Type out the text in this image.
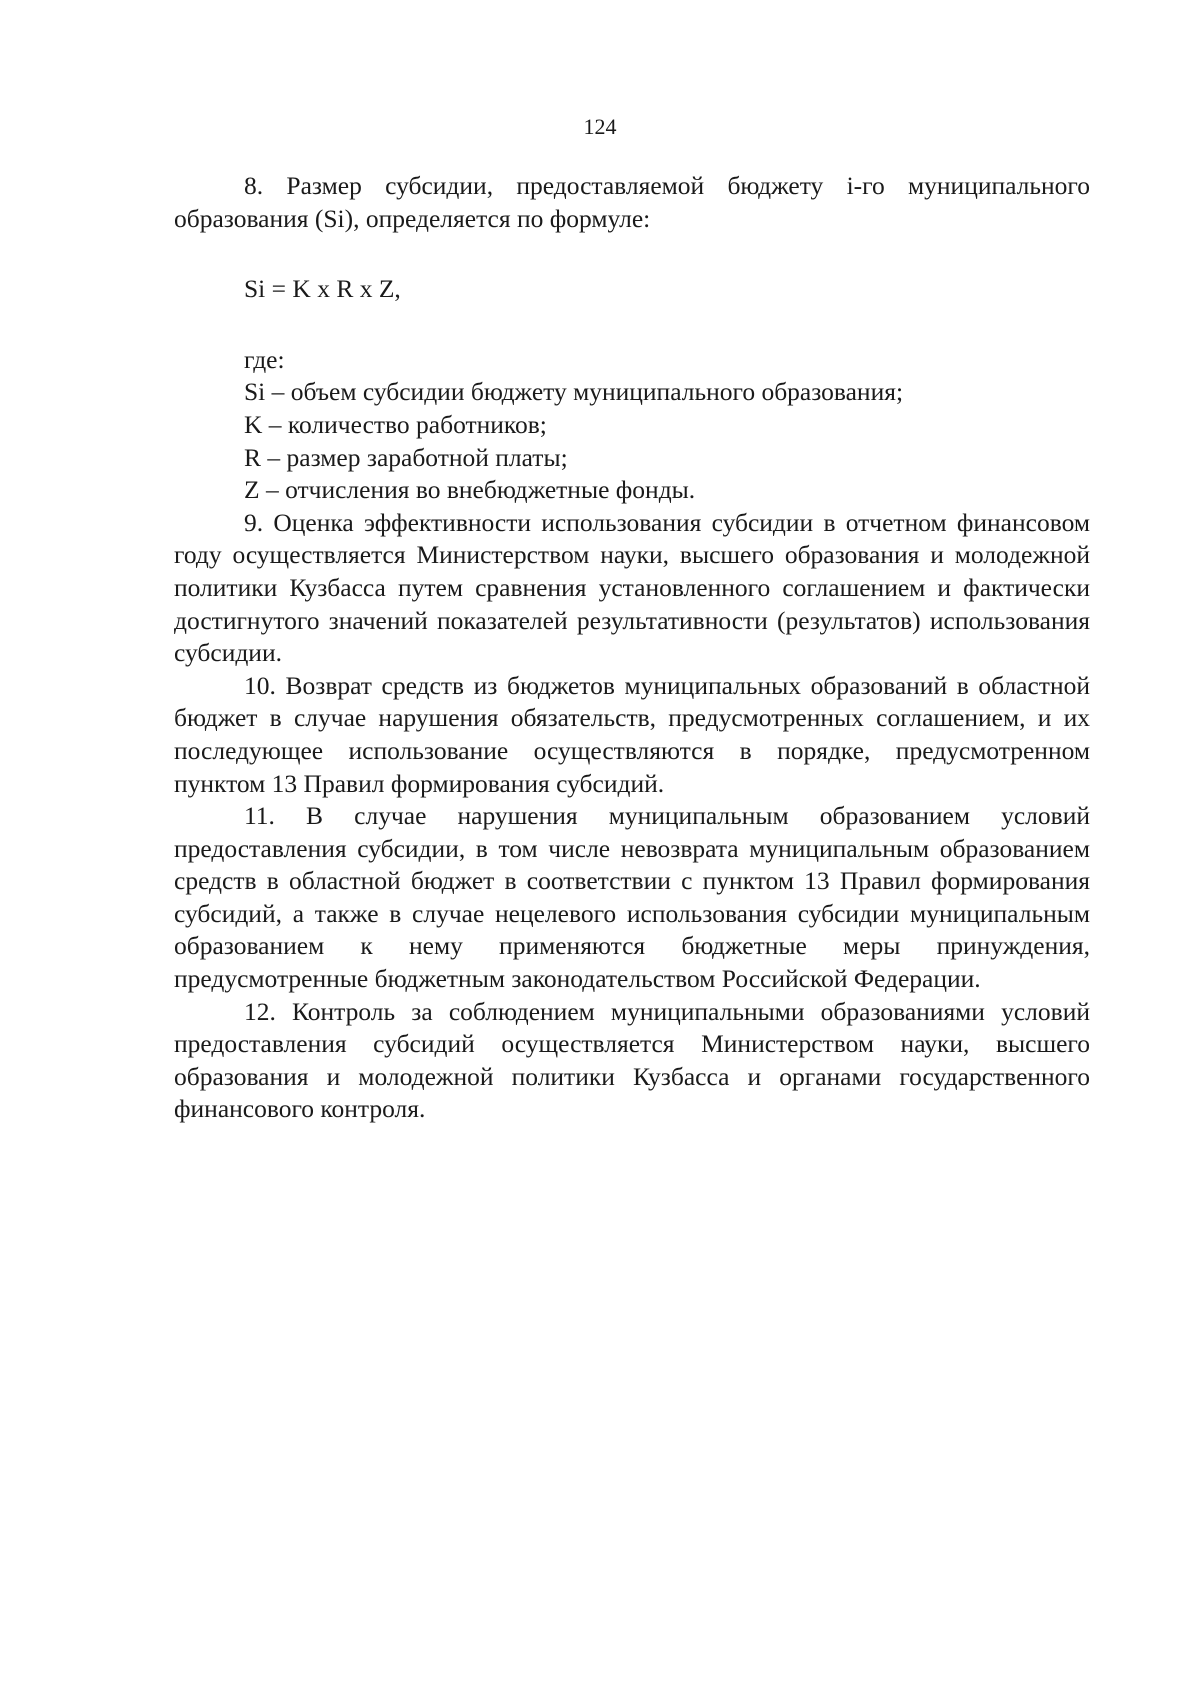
124

8. Размер субсидии, предоставляемой бюджету i-го муниципального образования (Si), определяется по формуле:

Si = K x R x Z,

где:
Si – объем субсидии бюджету муниципального образования;
K – количество работников;
R – размер заработной платы;
Z – отчисления во внебюджетные фонды.

9. Оценка эффективности использования субсидии в отчетном финансовом году осуществляется Министерством науки, высшего образования и молодежной политики Кузбасса путем сравнения установленного соглашением и фактически достигнутого значений показателей результативности (результатов) использования субсидии.

10. Возврат средств из бюджетов муниципальных образований в областной бюджет в случае нарушения обязательств, предусмотренных соглашением, и их последующее использование осуществляются в порядке, предусмотренном пунктом 13 Правил формирования субсидий.

11. В случае нарушения муниципальным образованием условий предоставления субсидии, в том числе невозврата муниципальным образованием средств в областной бюджет в соответствии с пунктом 13 Правил формирования субсидий, а также в случае нецелевого использования субсидии муниципальным образованием к нему применяются бюджетные меры принуждения, предусмотренные бюджетным законодательством Российской Федерации.

12. Контроль за соблюдением муниципальными образованиями условий предоставления субсидий осуществляется Министерством науки, высшего образования и молодежной политики Кузбасса и органами государственного финансового контроля.
